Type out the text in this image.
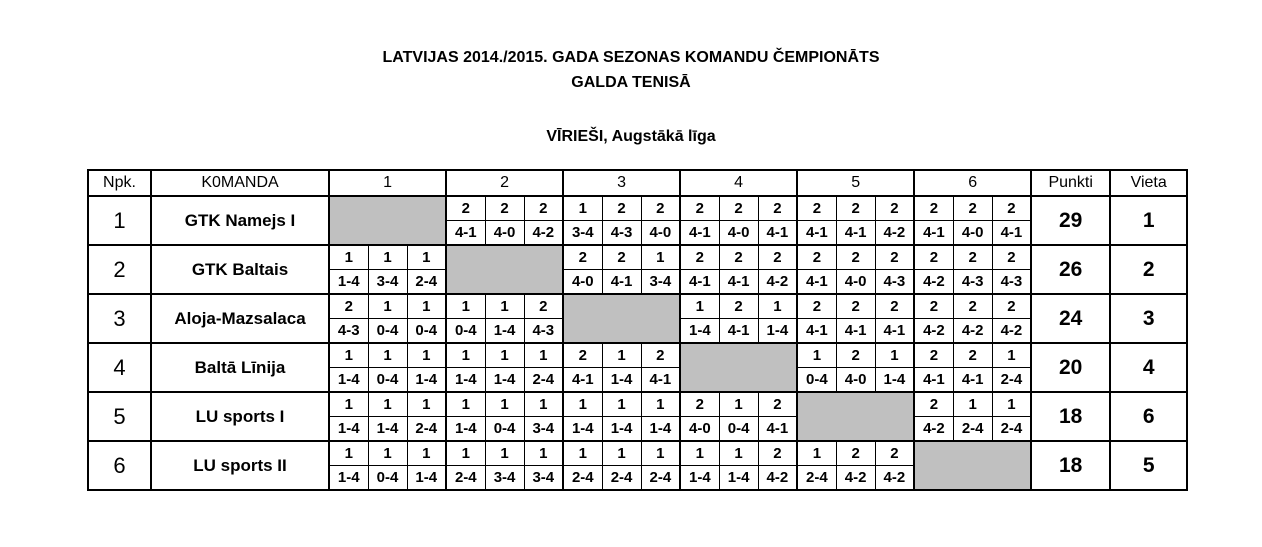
LATVIJAS 2014./2015. GADA SEZONAS KOMANDU ČEMPIONĀTS
GALDA TENISĀ
VĪRIEŠI, Augstākā līga
Npk.	K0MANDA	1			2			3			4			5			6			Punkti	Vieta
1	GTK Namejs I				2	2	2	1	2	2	2	2	2	2	2	2	2	2	2	29	1
					4-1	4-0	4-2	3-4	4-3	4-0	4-1	4-0	4-1	4-1	4-1	4-2	4-1	4-0	4-1		
2	GTK Baltais	1	1	1				2	2	1	2	2	2	2	2	2	2	2	2	26	2
		1-4	3-4	2-4				4-0	4-1	3-4	4-1	4-1	4-2	4-1	4-0	4-3	4-2	4-3	4-3		
3	Aloja-Mazsalaca	2	1	1	1	1	2				1	2	1	2	2	2	2	2	2	24	3
		4-3	0-4	0-4	0-4	1-4	4-3				1-4	4-1	1-4	4-1	4-1	4-1	4-2	4-2	4-2		
4	Baltā Līnija	1	1	1	1	1	1	2	1	2				1	2	1	2	2	1	20	4
		1-4	0-4	1-4	1-4	1-4	2-4	4-1	1-4	4-1				0-4	4-0	1-4	4-1	4-1	2-4		
5	LU sports I	1	1	1	1	1	1	1	1	1	2	1	2				2	1	1	18	6
		1-4	1-4	2-4	1-4	0-4	3-4	1-4	1-4	1-4	4-0	0-4	4-1				4-2	2-4	2-4		
6	LU sports II	1	1	1	1	1	1	1	1	1	1	1	2	1	2	2				18	5
		1-4	0-4	1-4	2-4	3-4	3-4	2-4	2-4	2-4	1-4	1-4	4-2	2-4	4-2	4-2					
